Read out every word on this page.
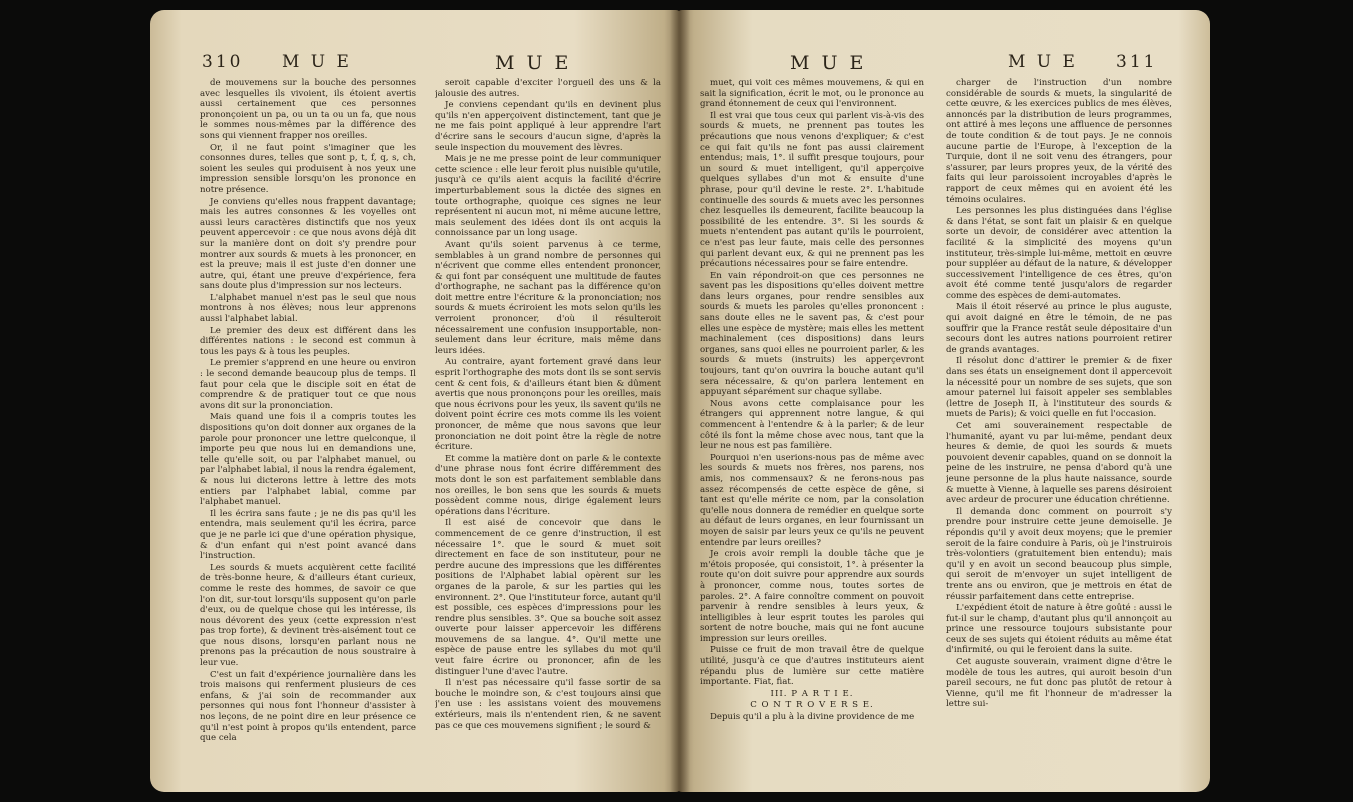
310 M U E	M U E

de mouvemens sur la bouche des personnes avec lesquelles ils vivoient, ils étoient avertis aussi certainement que ces personnes prononçoient un pa, ou un ta ou un fa, que nous le sommes nous-mêmes par la différence des sons qui viennent frapper nos oreilles.

Or, il ne faut point s'imaginer que les consonnes dures, telles que sont p, t, f, q, s, ch, soient les seules qui produisent à nos yeux une impression sensible lorsqu'on les prononce en notre présence.

Je conviens qu'elles nous frappent davantage; mais les autres consonnes & les voyelles ont aussi leurs caractères distinctifs que nos yeux peuvent appercevoir : ce que nous avons déjà dit sur la manière dont on doit s'y prendre pour montrer aux sourds & muets à les prononcer, en est la preuve; mais il est juste d'en donner une autre, qui, étant une preuve d'expérience, fera sans doute plus d'impression sur nos lecteurs.

L'alphabet manuel n'est pas le seul que nous montrons à nos élèves; nous leur apprenons aussi l'alphabet labial.

Le premier des deux est différent dans les différentes nations : le second est commun à tous les pays & à tous les peuples.

Le premier s'apprend en une heure ou environ : le second demande beaucoup plus de temps. Il faut pour cela que le disciple soit en état de comprendre & de pratiquer tout ce que nous avons dit sur la prononciation.

Mais quand une fois il a compris toutes les dispositions qu'on doit donner aux organes de la parole pour prononcer une lettre quelconque, il importe peu que nous lui en demandions une, telle qu'elle soit, ou par l'alphabet manuel, ou par l'alphabet labial, il nous la rendra également, & nous lui dicterons lettre à lettre des mots entiers par l'alphabet labial, comme par l'alphabet manuel.

Il les écrira sans faute ; je ne dis pas qu'il les entendra, mais seulement qu'il les écrira, parce que je ne parle ici que d'une opération physique, & d'un enfant qui n'est point avancé dans l'instruction.

Les sourds & muets acquièrent cette facilité de très-bonne heure, & d'ailleurs étant curieux, comme le reste des hommes, de savoir ce que l'on dit, sur-tout lorsqu'ils supposent qu'on parle d'eux, ou de quelque chose qui les intéresse, ils nous dévorent des yeux (cette expression n'est pas trop forte), & devinent très-aisément tout ce que nous disons, lorsqu'en parlant nous ne prenons pas la précaution de nous soustraire à leur vue.

C'est un fait d'expérience journalière dans les trois maisons qui renferment plusieurs de ces enfans, & j'ai soin de recommander aux personnes qui nous font l'honneur d'assister à nos leçons, de ne point dire en leur présence ce qu'il n'est point à propos qu'ils entendent, parce que cela

seroit capable d'exciter l'orgueil des uns & la jalousie des autres.

Je conviens cependant qu'ils en devinent plus qu'ils n'en apperçoivent distinctement, tant que je ne me fais point appliqué à leur apprendre l'art d'écrire sans le secours d'aucun signe, d'après la seule inspection du mouvement des lèvres.

Mais je ne me presse point de leur communiquer cette science : elle leur feroit plus nuisible qu'utile, jusqu'à ce qu'ils aient acquis la facilité d'écrire imperturbablement sous la dictée des signes en toute orthographe, quoique ces signes ne leur représentent ni aucun mot, ni même aucune lettre, mais seulement des idées dont ils ont acquis la connoissance par un long usage.

Avant qu'ils soient parvenus à ce terme, semblables à un grand nombre de personnes qui n'écrivent que comme elles entendent prononcer, & qui font par conséquent une multitude de fautes d'orthographe, ne sachant pas la différence qu'on doit mettre entre l'écriture & la prononciation; nos sourds & muets écriroient les mots selon qu'ils les verroient prononcer, d'où il résulteroit nécessairement une confusion insupportable, non-seulement dans leur écriture, mais même dans leurs idées.

Au contraire, ayant fortement gravé dans leur esprit l'orthographe des mots dont ils se sont servis cent & cent fois, & d'ailleurs étant bien & dûment avertis que nous prononçons pour les oreilles, mais que nous écrivons pour les yeux, ils savent qu'ils ne doivent point écrire ces mots comme ils les voient prononcer, de même que nous savons que leur prononciation ne doit point être la règle de notre écriture.

Et comme la matière dont on parle & le contexte d'une phrase nous font écrire différemment des mots dont le son est parfaitement semblable dans nos oreilles, le bon sens que les sourds & muets possèdent comme nous, dirige également leurs opérations dans l'écriture.

Il est aisé de concevoir que dans le commencement de ce genre d'instruction, il est nécessaire 1°. que le sourd & muet soit directement en face de son instituteur, pour ne perdre aucune des impressions que les différentes positions de l'Alphabet labial opèrent sur les organes de la parole, & sur les parties qui les environnent. 2°. Que l'instituteur force, autant qu'il est possible, ces espèces d'impressions pour les rendre plus sensibles. 3°. Que sa bouche soit assez ouverte pour laisser appercevoir les différens mouvemens de sa langue. 4°. Qu'il mette une espèce de pause entre les syllabes du mot qu'il veut faire écrire ou prononcer, afin de les distinguer l'une d'avec l'autre.

Il n'est pas nécessaire qu'il fasse sortir de sa bouche le moindre son, & c'est toujours ainsi que j'en use : les assistans voient des mouvemens extérieurs, mais ils n'entendent rien, & ne savent pas ce que ces mouvemens signifient ; le sourd &

M U E	M U E 311

muet, qui voit ces mêmes mouvemens, & qui en sait la signification, écrit le mot, ou le prononce au grand étonnement de ceux qui l'environnent.

Il est vrai que tous ceux qui parlent vis-à-vis des sourds & muets, ne prennent pas toutes les précautions que nous venons d'expliquer; & c'est ce qui fait qu'ils ne font pas aussi clairement entendus; mais, 1°. il suffit presque toujours, pour un sourd & muet intelligent, qu'il apperçoive quelques syllabes d'un mot & ensuite d'une phrase, pour qu'il devine le reste. 2°. L'habitude continuelle des sourds & muets avec les personnes chez lesquelles ils demeurent, facilite beaucoup la possibilité de les entendre. 3°. Si les sourds & muets n'entendent pas autant qu'ils le pourroient, ce n'est pas leur faute, mais celle des personnes qui parlent devant eux, & qui ne prennent pas les précautions nécessaires pour se faire entendre.

En vain répondroit-on que ces personnes ne savent pas les dispositions qu'elles doivent mettre dans leurs organes, pour rendre sensibles aux sourds & muets les paroles qu'elles prononcent : sans doute elles ne le savent pas, & c'est pour elles une espèce de mystère; mais elles les mettent machinalement (ces dispositions) dans leurs organes, sans quoi elles ne pourroient parler, & les sourds & muets (instruits) les apperçevront toujours, tant qu'on ouvrira la bouche autant qu'il sera nécessaire, & qu'on parlera lentement en appuyant séparément sur chaque syllabe.

Nous avons cette complaisance pour les étrangers qui apprennent notre langue, & qui commencent à l'entendre & à la parler; & de leur côté ils font la même chose avec nous, tant que la leur ne nous est pas familière.

Pourquoi n'en userions-nous pas de même avec les sourds & muets nos frères, nos parens, nos amis, nos commensaux? & ne ferons-nous pas assez récompensés de cette espèce de gêne, si tant est qu'elle mérite ce nom, par la consolation qu'elle nous donnera de remédier en quelque sorte au défaut de leurs organes, en leur fournissant un moyen de saisir par leurs yeux ce qu'ils ne peuvent entendre par leurs oreilles?

Je crois avoir rempli la double tâche que je m'étois proposée, qui consistoit, 1°. à présenter la route qu'on doit suivre pour apprendre aux sourds à prononcer, comme nous, toutes sortes de paroles. 2°. A faire connoître comment on pouvoit parvenir à rendre sensibles à leurs yeux, & intelligibles à leur esprit toutes les paroles qui sortent de notre bouche, mais qui ne font aucune impression sur leurs oreilles.

Puisse ce fruit de mon travail être de quelque utilité, jusqu'à ce que d'autres instituteurs aient répandu plus de lumière sur cette matière importante. Fiat, fiat.

III. P A R T I E.

C O N T R O V E R S E.

Depuis qu'il a plu à la divine providence de me

charger de l'instruction d'un nombre considérable de sourds & muets, la singularité de cette œuvre, & les exercices publics de mes élèves, annoncés par la distribution de leurs programmes, ont attiré à mes leçons une affluence de personnes de toute condition & de tout pays. Je ne connois aucune partie de l'Europe, à l'exception de la Turquie, dont il ne soit venu des étrangers, pour s'assurer, par leurs propres yeux, de la vérité des faits qui leur paroissoient incroyables d'après le rapport de ceux mêmes qui en avoient été les témoins oculaires.

Les personnes les plus distinguées dans l'église & dans l'état, se sont fait un plaisir & en quelque sorte un devoir, de considérer avec attention la facilité & la simplicité des moyens qu'un instituteur, très-simple lui-même, mettoit en œuvre pour suppléer au défaut de la nature, & développer successivement l'intelligence de ces êtres, qu'on avoit été comme tenté jusqu'alors de regarder comme des espèces de demi-automates.

Mais il étoit réservé au prince le plus auguste, qui avoit daigné en être le témoin, de ne pas souffrir que la France restât seule dépositaire d'un secours dont les autres nations pourroient retirer de grands avantages.

Il résolut donc d'attirer le premier & de fixer dans ses états un enseignement dont il appercevoit la nécessité pour un nombre de ses sujets, que son amour paternel lui faisoit appeler ses semblables (lettre de Joseph II, à l'instituteur des sourds & muets de Paris); & voici quelle en fut l'occasion.

Cet ami souverainement respectable de l'humanité, ayant vu par lui-même, pendant deux heures & demie, de quoi les sourds & muets pouvoient devenir capables, quand on se donnoit la peine de les instruire, ne pensa d'abord qu'à une jeune personne de la plus haute naissance, sourde & muette à Vienne, à laquelle ses parens désiroient avec ardeur de procurer une éducation chrétienne.

Il demanda donc comment on pourroit s'y prendre pour instruire cette jeune demoiselle. Je répondis qu'il y avoit deux moyens; que le premier seroit de la faire conduire à Paris, où je l'instruirois très-volontiers (gratuitement bien entendu); mais qu'il y en avoit un second beaucoup plus simple, qui seroit de m'envoyer un sujet intelligent de trente ans ou environ, que je mettrois en état de réussir parfaitement dans cette entreprise.

L'expédient étoit de nature à être goûté : aussi le fut-il sur le champ, d'autant plus qu'il annonçoit au prince une ressource toujours subsistante pour ceux de ses sujets qui étoient réduits au même état d'infirmité, ou qui le feroient dans la suite.

Cet auguste souverain, vraiment digne d'être le modèle de tous les autres, qui auroit besoin d'un pareil secours, ne fut donc pas plutôt de retour à Vienne, qu'il me fit l'honneur de m'adresser la lettre sui-
